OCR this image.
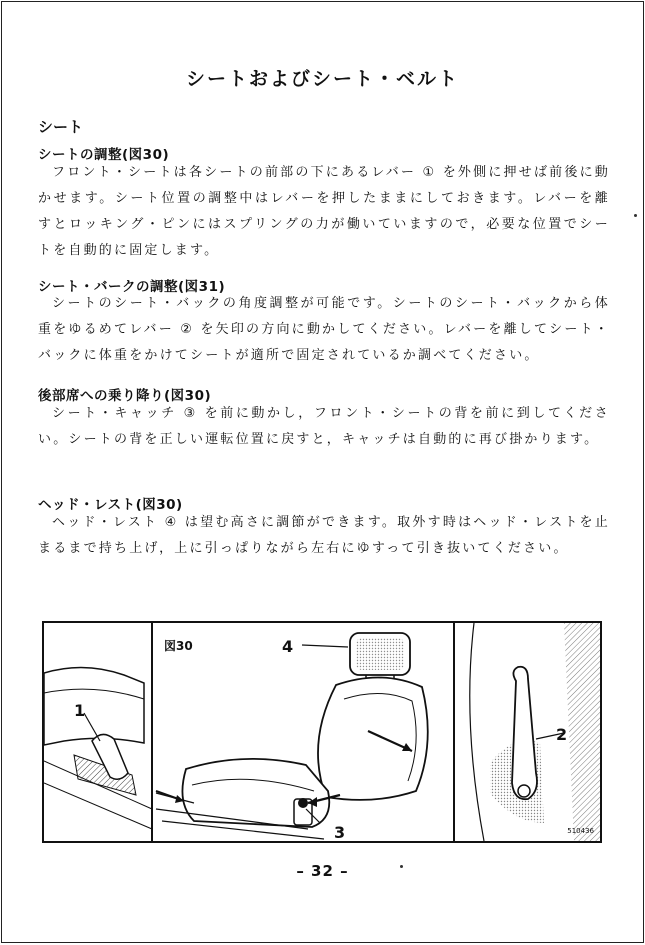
シートおよびシート・ベルト
シート
シートの調整(図30)
フロント・シートは各シートの前部の下にあるレバー ① を外側に押せば前後に動かせます。シート位置の調整中はレバーを押したままにしておきます。レバーを離すとロッキング・ピンにはスプリングの力が働いていますので，必要な位置でシートを自動的に固定します。
シート・バークの調整(図31)
シートのシート・バックの角度調整が可能です。シートのシート・バックから体重をゆるめてレバー ② を矢印の方向に動かしてください。レバーを離してシート・バックに体重をかけてシートが適所で固定されているか調べてください。
後部席への乗り降り(図30)
シート・キャッチ ③ を前に動かし，フロント・シートの背を前に到してください。シートの背を正しい運転位置に戻すと，キャッチは自動的に再び掛かります。
ヘッド・レスト(図30)
ヘッド・レスト ④ は望む高さに調節ができます。取外す時はヘッド・レストを止まるまで持ち上げ，上に引っぱりながら左右にゆすって引き抜いてください。
図30
1
2
3
4
510436
– 32 –
